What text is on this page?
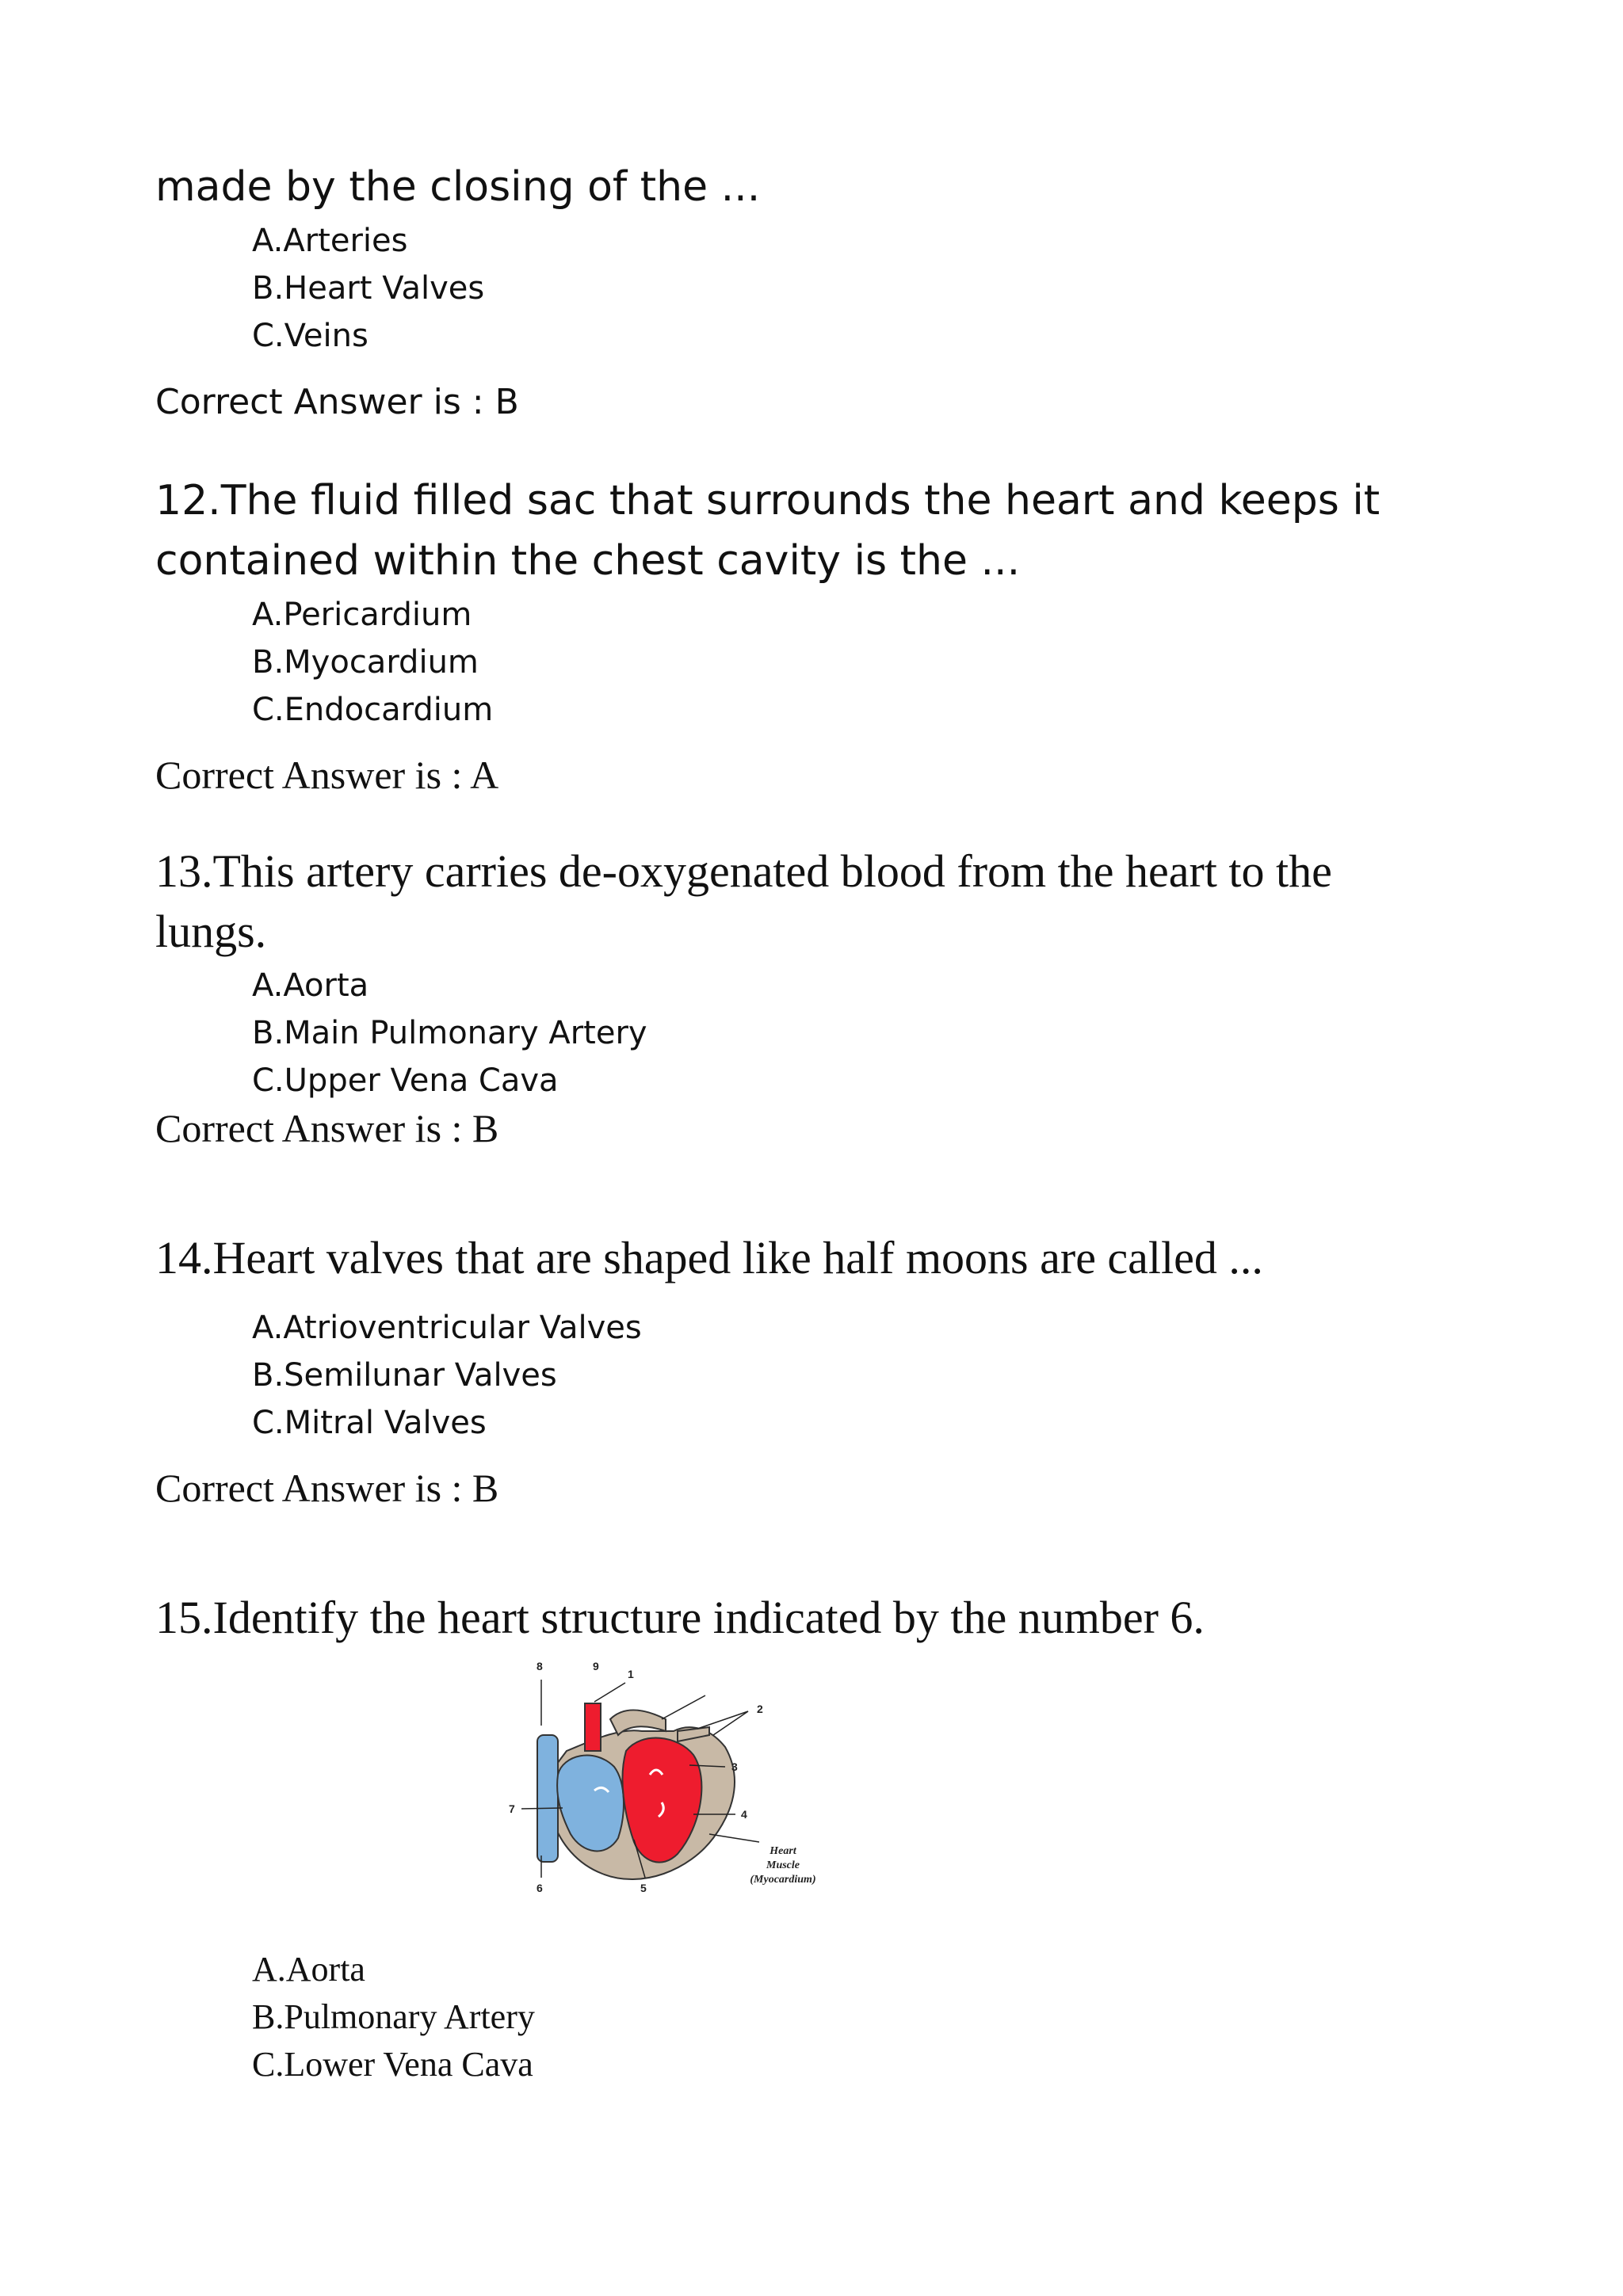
made by the closing of the ...

A.Arteries

B.Heart Valves

C.Veins

Correct Answer is : B

12.The fluid filled sac that surrounds the heart and keeps it

contained within the chest cavity is the ...

A.Pericardium

B.Myocardium

C.Endocardium

Correct Answer is : A

13.This artery carries de-oxygenated blood from the heart to the

lungs.

A.Aorta

B.Main Pulmonary Artery

C.Upper Vena Cava

Correct Answer is : B

14.Heart valves that are shaped like half moons are called ...

A.Atrioventricular Valves

B.Semilunar Valves

C.Mitral Valves

Correct Answer is : B

15.Identify the heart structure indicated by the number 6.

1
2
3
4
5
6
7
8	9
Heart
Muscle
(Myocardium)

A.Aorta

B.Pulmonary Artery

C.Lower Vena Cava
